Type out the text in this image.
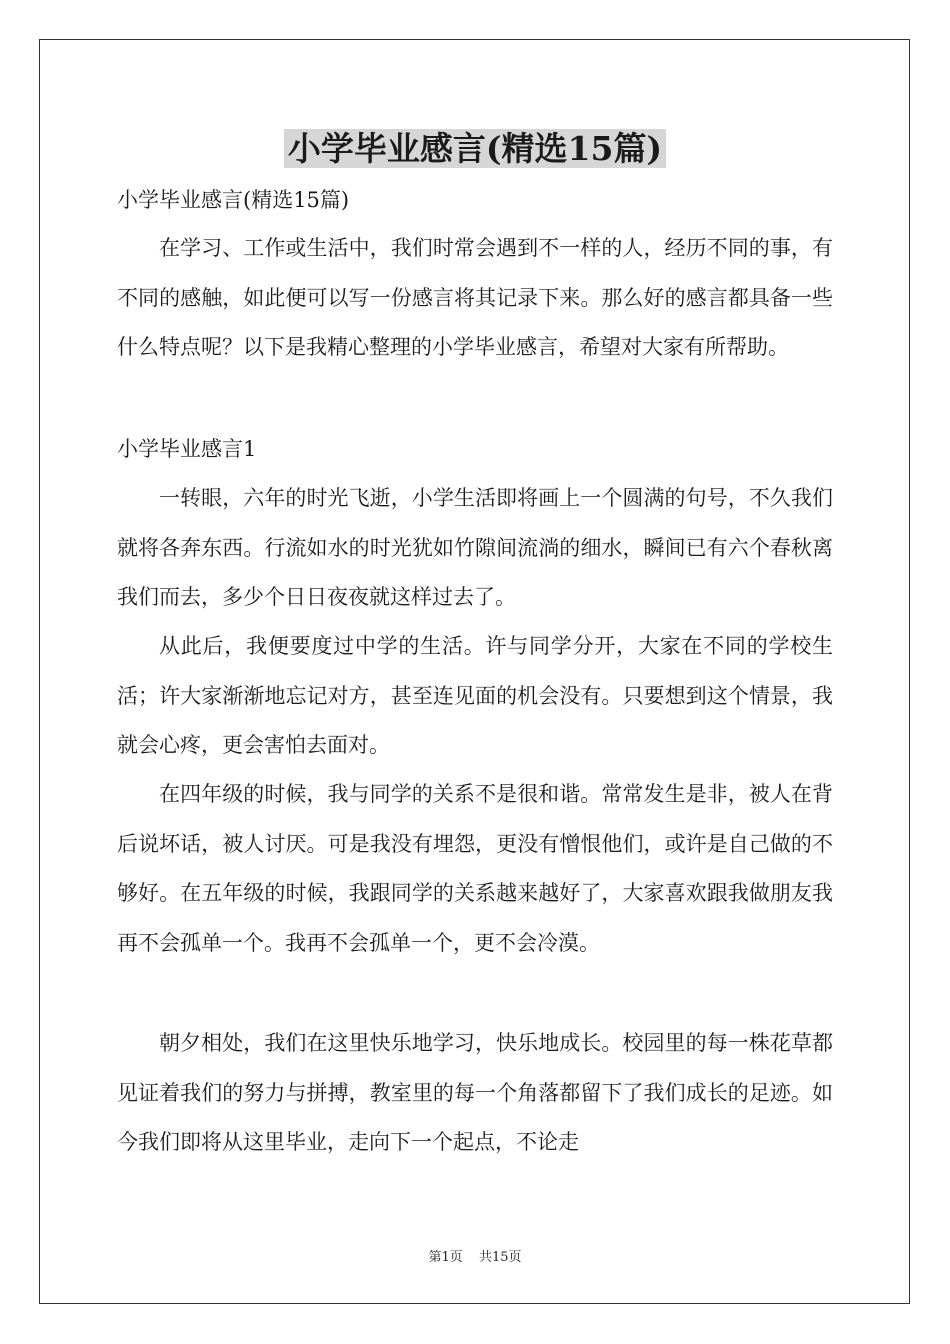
小学毕业感言(精选15篇)
小学毕业感言(精选15篇)

在学习、工作或生活中，我们时常会遇到不一样的人，经历不同的事，有不同的感触，如此便可以写一份感言将其记录下来。那么好的感言都具备一些什么特点呢？以下是我精心整理的小学毕业感言，希望对大家有所帮助。

小学毕业感言1

一转眼，六年的时光飞逝，小学生活即将画上一个圆满的句号，不久我们就将各奔东西。行流如水的时光犹如竹隙间流淌的细水，瞬间已有六个春秋离我们而去，多少个日日夜夜就这样过去了。

从此后，我便要度过中学的生活。许与同学分开，大家在不同的学校生活；许大家渐渐地忘记对方，甚至连见面的机会没有。只要想到这个情景，我就会心疼，更会害怕去面对。

在四年级的时候，我与同学的关系不是很和谐。常常发生是非，被人在背后说坏话，被人讨厌。可是我没有埋怨，更没有憎恨他们，或许是自己做的不够好。在五年级的时候，我跟同学的关系越来越好了，大家喜欢跟我做朋友我再不会孤单一个。我再不会孤单一个，更不会冷漠。

朝夕相处，我们在这里快乐地学习，快乐地成长。校园里的每一株花草都见证着我们的努力与拼搏，教室里的每一个角落都留下了我们成长的足迹。如今我们即将从这里毕业，走向下一个起点，不论走

第1页 共15页
